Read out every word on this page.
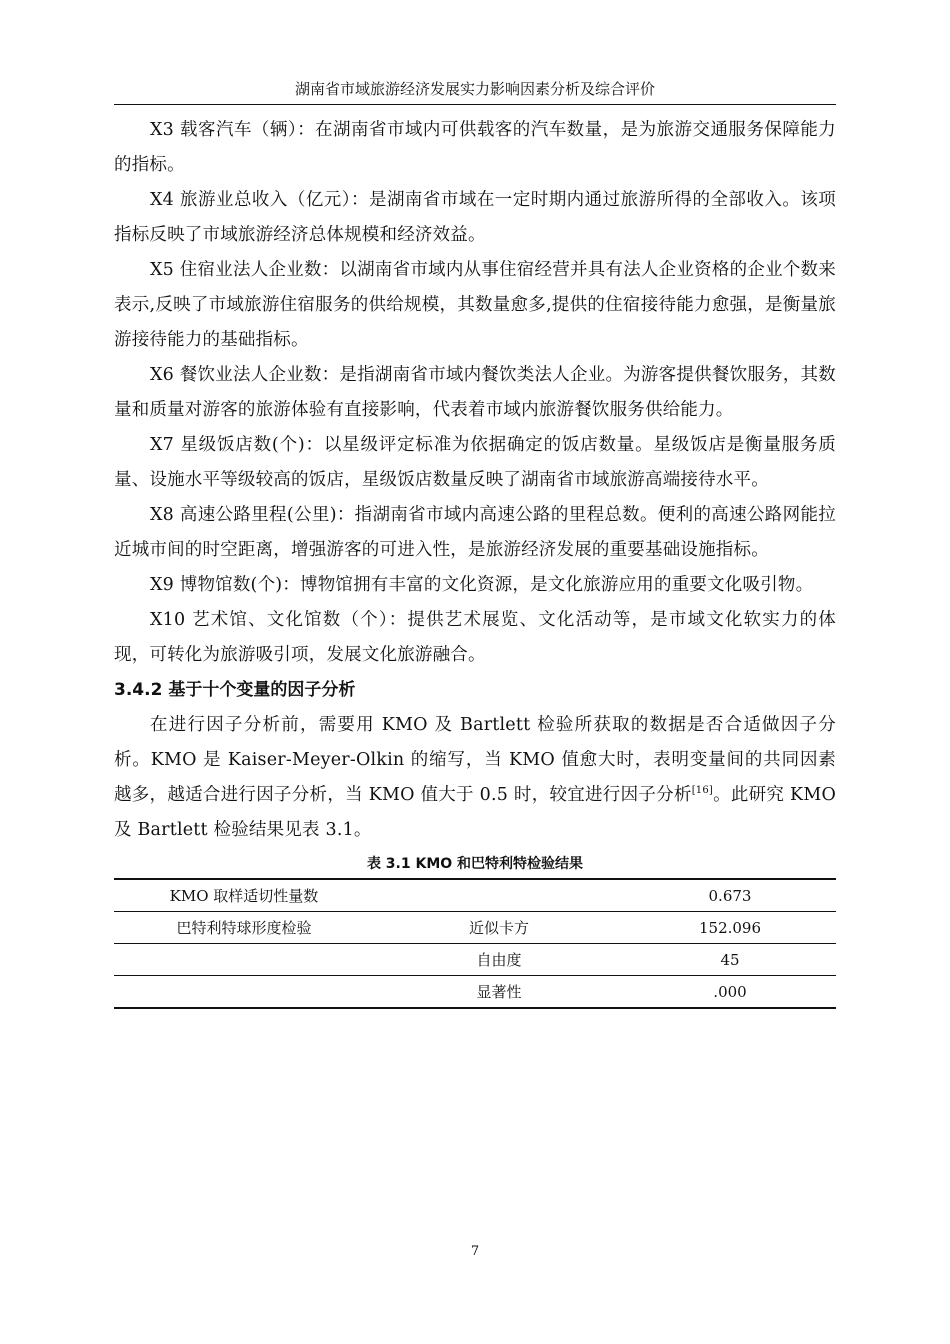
湖南省市域旅游经济发展实力影响因素分析及综合评价

X3 载客汽车（辆）：在湖南省市域内可供载客的汽车数量，是为旅游交通服务保障能力的指标。

X4 旅游业总收入（亿元）：是湖南省市域在一定时期内通过旅游所得的全部收入。该项指标反映了市域旅游经济总体规模和经济效益。

X5 住宿业法人企业数：以湖南省市域内从事住宿经营并具有法人企业资格的企业个数来表示,反映了市域旅游住宿服务的供给规模，其数量愈多,提供的住宿接待能力愈强，是衡量旅游接待能力的基础指标。

X6 餐饮业法人企业数：是指湖南省市域内餐饮类法人企业。为游客提供餐饮服务，其数量和质量对游客的旅游体验有直接影响，代表着市域内旅游餐饮服务供给能力。

X7 星级饭店数(个)：以星级评定标准为依据确定的饭店数量。星级饭店是衡量服务质量、设施水平等级较高的饭店，星级饭店数量反映了湖南省市域旅游高端接待水平。

X8 高速公路里程(公里)：指湖南省市域内高速公路的里程总数。便利的高速公路网能拉近城市间的时空距离，增强游客的可进入性，是旅游经济发展的重要基础设施指标。

X9 博物馆数(个)：博物馆拥有丰富的文化资源，是文化旅游应用的重要文化吸引物。

X10 艺术馆、文化馆数（个）：提供艺术展览、文化活动等，是市域文化软实力的体现，可转化为旅游吸引项，发展文化旅游融合。

3.4.2 基于十个变量的因子分析

在进行因子分析前，需要用 KMO 及 Bartlett 检验所获取的数据是否合适做因子分析。KMO 是 Kaiser-Meyer-Olkin 的缩写，当 KMO 值愈大时，表明变量间的共同因素越多，越适合进行因子分析，当 KMO 值大于 0.5 时，较宜进行因子分析[16]。此研究 KMO 及 Bartlett 检验结果见表 3.1。

表 3.1 KMO 和巴特利特检验结果
KMO 取样适切性量数		0.673
巴特利特球形度检验	近似卡方	152.096
	自由度	45
	显著性	.000
7
